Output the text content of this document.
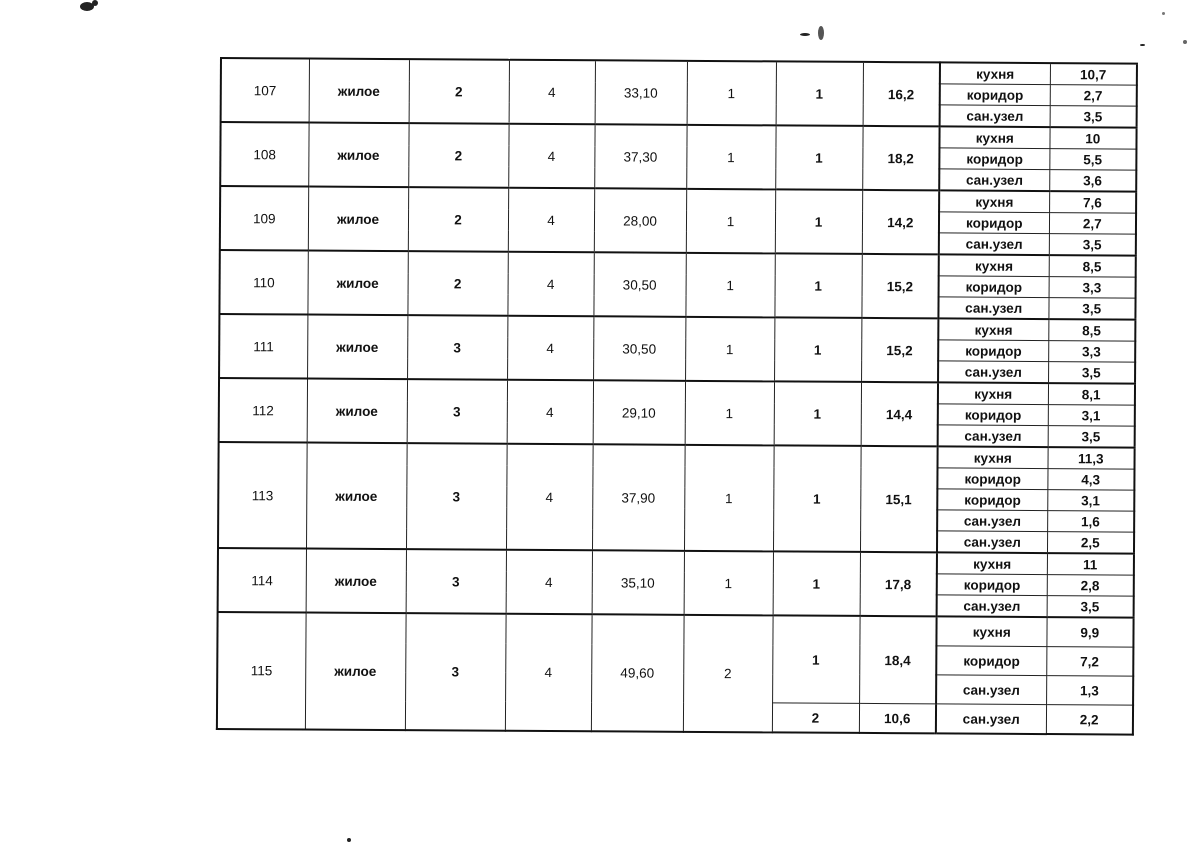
107	жилое	2	4	33,10	1	1	16,2	кухня	10,7
								коридор	2,7
								сан.узел	3,5
108	жилое	2	4	37,30	1	1	18,2	кухня	10
								коридор	5,5
								сан.узел	3,6
109	жилое	2	4	28,00	1	1	14,2	кухня	7,6
								коридор	2,7
								сан.узел	3,5
110	жилое	2	4	30,50	1	1	15,2	кухня	8,5
								коридор	3,3
								сан.узел	3,5
111	жилое	3	4	30,50	1	1	15,2	кухня	8,5
								коридор	3,3
								сан.узел	3,5
112	жилое	3	4	29,10	1	1	14,4	кухня	8,1
								коридор	3,1
								сан.узел	3,5
113	жилое	3	4	37,90	1	1	15,1	кухня	11,3
								коридор	4,3
								коридор	3,1
								сан.узел	1,6
								сан.узел	2,5
114	жилое	3	4	35,10	1	1	17,8	кухня	11
								коридор	2,8
								сан.узел	3,5
115	жилое	3	4	49,60	2	1	18,4	кухня	9,9
								коридор	7,2
								сан.узел	1,3
						2	10,6	сан.узел	2,2
